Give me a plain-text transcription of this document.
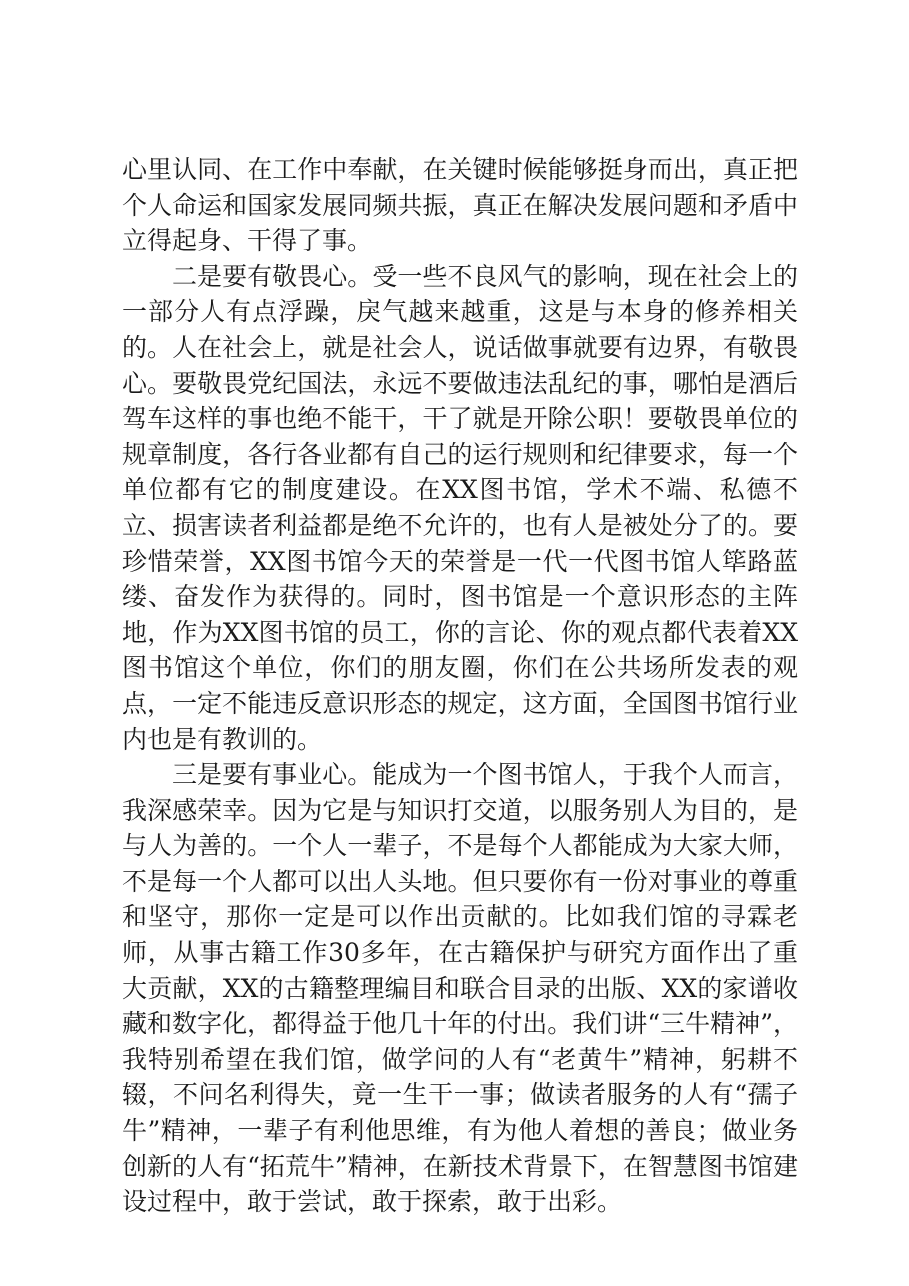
心里认同、在工作中奉献，在关键时候能够挺身而出，真正把个人命运和国家发展同频共振，真正在解决发展问题和矛盾中立得起身、干得了事。

二是要有敬畏心。受一些不良风气的影响，现在社会上的一部分人有点浮躁，戾气越来越重，这是与本身的修养相关的。人在社会上，就是社会人，说话做事就要有边界，有敬畏心。要敬畏党纪国法，永远不要做违法乱纪的事，哪怕是酒后驾车这样的事也绝不能干，干了就是开除公职！要敬畏单位的规章制度，各行各业都有自己的运行规则和纪律要求，每一个单位都有它的制度建设。在XX图书馆，学术不端、私德不立、损害读者利益都是绝不允许的，也有人是被处分了的。要珍惜荣誉，XX图书馆今天的荣誉是一代一代图书馆人筚路蓝缕、奋发作为获得的。同时，图书馆是一个意识形态的主阵地，作为XX图书馆的员工，你的言论、你的观点都代表着XX图书馆这个单位，你们的朋友圈，你们在公共场所发表的观点，一定不能违反意识形态的规定，这方面，全国图书馆行业内也是有教训的。

三是要有事业心。能成为一个图书馆人，于我个人而言，我深感荣幸。因为它是与知识打交道，以服务别人为目的，是与人为善的。一个人一辈子，不是每个人都能成为大家大师，不是每一个人都可以出人头地。但只要你有一份对事业的尊重和坚守，那你一定是可以作出贡献的。比如我们馆的寻霖老师，从事古籍工作30多年，在古籍保护与研究方面作出了重大贡献，XX的古籍整理编目和联合目录的出版、XX的家谱收藏和数字化，都得益于他几十年的付出。我们讲“三牛精神”，我特别希望在我们馆，做学问的人有“老黄牛”精神，躬耕不辍，不问名利得失，竟一生干一事；做读者服务的人有“孺子牛”精神，一辈子有利他思维，有为他人着想的善良；做业务创新的人有“拓荒牛”精神，在新技术背景下，在智慧图书馆建设过程中，敢于尝试，敢于探索，敢于出彩。
